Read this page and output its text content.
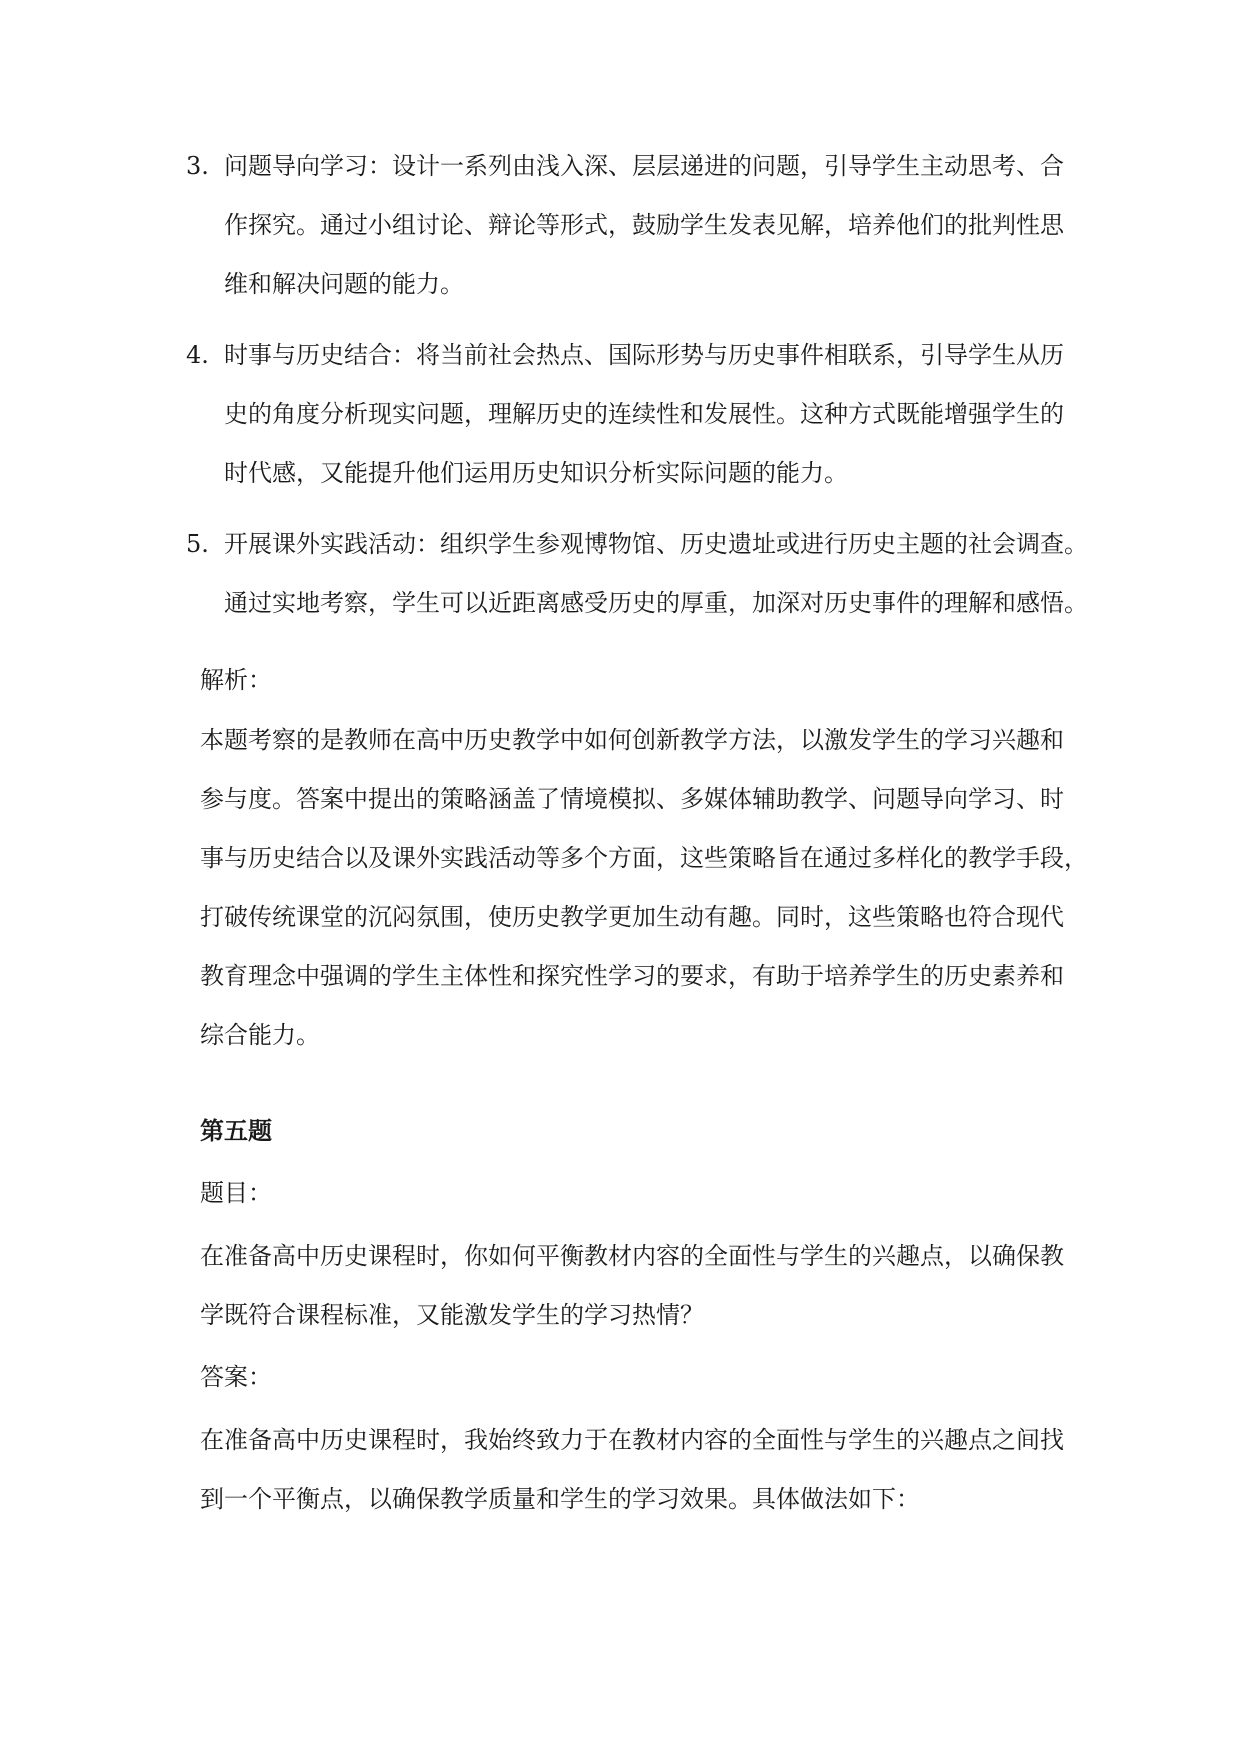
3. 问题导向学习：设计一系列由浅入深、层层递进的问题，引导学生主动思考、合
作探究。通过小组讨论、辩论等形式，鼓励学生发表见解，培养他们的批判性思
维和解决问题的能力。
4. 时事与历史结合：将当前社会热点、国际形势与历史事件相联系，引导学生从历
史的角度分析现实问题，理解历史的连续性和发展性。这种方式既能增强学生的
时代感，又能提升他们运用历史知识分析实际问题的能力。
5. 开展课外实践活动：组织学生参观博物馆、历史遗址或进行历史主题的社会调查。
通过实地考察，学生可以近距离感受历史的厚重，加深对历史事件的理解和感悟。
解析：
本题考察的是教师在高中历史教学中如何创新教学方法，以激发学生的学习兴趣和
参与度。答案中提出的策略涵盖了情境模拟、多媒体辅助教学、问题导向学习、时
事与历史结合以及课外实践活动等多个方面，这些策略旨在通过多样化的教学手段，
打破传统课堂的沉闷氛围，使历史教学更加生动有趣。同时，这些策略也符合现代
教育理念中强调的学生主体性和探究性学习的要求，有助于培养学生的历史素养和
综合能力。
第五题
题目：
在准备高中历史课程时，你如何平衡教材内容的全面性与学生的兴趣点，以确保教
学既符合课程标准，又能激发学生的学习热情？
答案：
在准备高中历史课程时，我始终致力于在教材内容的全面性与学生的兴趣点之间找
到一个平衡点，以确保教学质量和学生的学习效果。具体做法如下：
